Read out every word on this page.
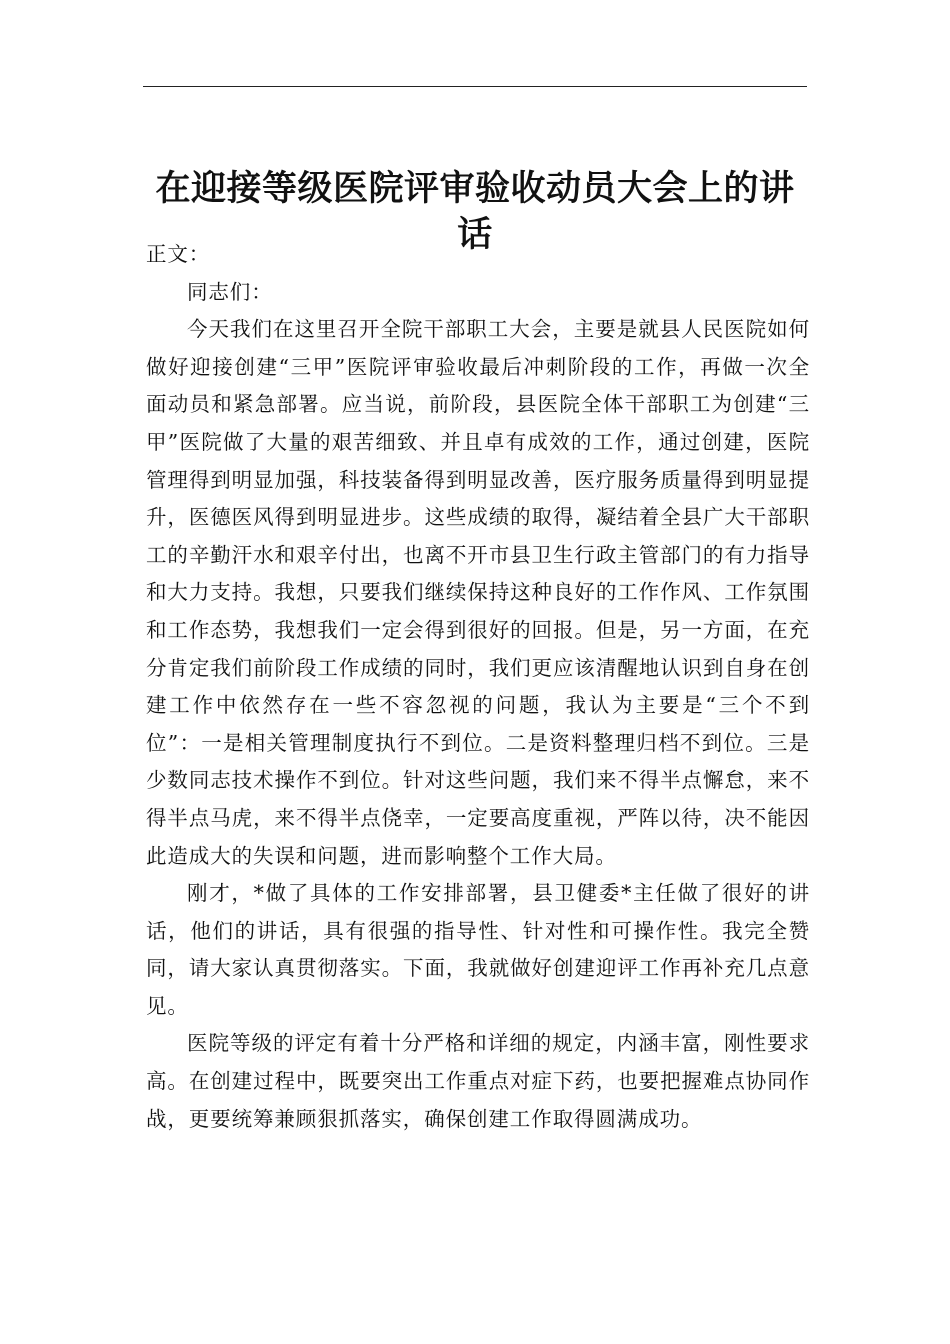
在迎接等级医院评审验收动员大会上的讲话

正文：

同志们：

今天我们在这里召开全院干部职工大会，主要是就县人民医院如何做好迎接创建“三甲”医院评审验收最后冲刺阶段的工作，再做一次全面动员和紧急部署。应当说，前阶段，县医院全体干部职工为创建“三甲”医院做了大量的艰苦细致、并且卓有成效的工作，通过创建，医院管理得到明显加强，科技装备得到明显改善，医疗服务质量得到明显提升，医德医风得到明显进步。这些成绩的取得，凝结着全县广大干部职工的辛勤汗水和艰辛付出，也离不开市县卫生行政主管部门的有力指导和大力支持。我想，只要我们继续保持这种良好的工作作风、工作氛围和工作态势，我想我们一定会得到很好的回报。但是，另一方面，在充分肯定我们前阶段工作成绩的同时，我们更应该清醒地认识到自身在创建工作中依然存在一些不容忽视的问题，我认为主要是“三个不到位”：一是相关管理制度执行不到位。二是资料整理归档不到位。三是少数同志技术操作不到位。针对这些问题，我们来不得半点懈怠，来不得半点马虎，来不得半点侥幸，一定要高度重视，严阵以待，决不能因此造成大的失误和问题，进而影响整个工作大局。

刚才，*做了具体的工作安排部署，县卫健委*主任做了很好的讲话，他们的讲话，具有很强的指导性、针对性和可操作性。我完全赞同，请大家认真贯彻落实。下面，我就做好创建迎评工作再补充几点意见。

医院等级的评定有着十分严格和详细的规定，内涵丰富，刚性要求高。在创建过程中，既要突出工作重点对症下药，也要把握难点协同作战，更要统筹兼顾狠抓落实，确保创建工作取得圆满成功。
